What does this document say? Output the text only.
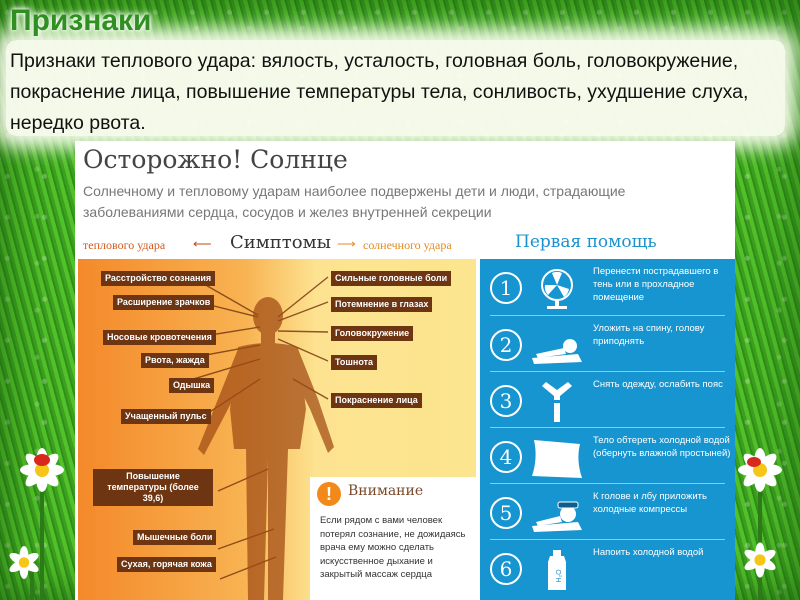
Признаки
Признаки теплового удара: вялость, усталость, головная боль, головокружение, покраснение лица, повышение температуры тела, сонливость, ухудшение слуха, нередко рвота.
Осторожно! Солнце
Солнечному и тепловому ударам наиболее подвержены дети и люди, страдающие заболеваниями сердца, сосудов и желез внутренней секреции
теплового удара ⟵ Симптомы ⟶ солнечного удара	Первая помощь
Расстройство сознания
Расширение зрачков
Носовые кровотечения
Рвота, жажда
Одышка
Учащенный пульс
Повышение температуры (более 39,6)
Мышечные боли
Сухая, горячая кожа
Сильные головные боли
Потемнение в глазах
Головокружение
Тошнота
Покраснение лица
!	Внимание
Если рядом с вами человек потерял сознание, не дожидаясь врача ему можно сделать искусственное дыхание и закрытый массаж сердца
1
Перенести пострадавшего в тень или в прохладное помещение
2
Уложить на спину, голову приподнять
3
Снять одежду, ослабить пояс
4
Тело обтереть холодной водой (обернуть влажной простыней)
5
К голове и лбу приложить холодные компрессы
6	H₂O
Напоить холодной водой
